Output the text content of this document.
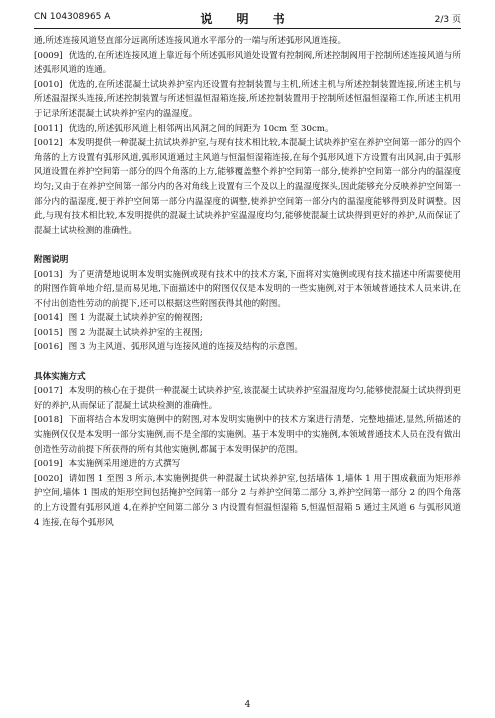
CN 104308965 A	说 明 书	2/3 页

通,所述连接风道竖直部分远离所述连接风道水平部分的一端与所述弧形风道连接。

[0009] 优选的,在所述连接风道上靠近每个所述弧形风道处设置有控制阀,所述控制阀用于控制所述连接风道与所述弧形风道的连通。

[0010] 优选的,在所述混凝土试块养护室内还设置有控制装置与主机,所述主机与所述控制装置连接,所述主机与所述温湿探头连接,所述控制装置与所述恒温恒湿箱连接,所述控制装置用于控制所述恒温恒湿箱工作,所述主机用于记录所述混凝土试块养护室内的温湿度。

[0011] 优选的,所述弧形风道上相邻两出风洞之间的间距为 10cm 至 30cm。

[0012] 本发明提供一种混凝土抗试块养护室,与现有技术相比较,本混凝土试块养护室在养护空间第一部分的四个角落的上方设置有弧形风道,弧形风道通过主风道与恒温恒湿箱连接,在每个弧形风道下方设置有出风洞,由于弧形风道设置在养护空间第一部分的四个角落的上方,能够覆盖整个养护空间第一部分,使养护空间第一部分内的温湿度均匀;又由于在养护空间第一部分内的各对角线上设置有三个及以上的温湿度探头,因此能够充分反映养护空间第一部分内的温湿度,便于养护空间第一部分内温湿度的调整,使养护空间第一部分内的温湿度能够得到及时调整。因此,与现有技术相比较,本发明提供的混凝土试块养护室温湿度均匀,能够使混凝土试块得到更好的养护,从而保证了混凝土试块检测的准确性。

附图说明

[0013] 为了更清楚地说明本发明实施例或现有技术中的技术方案,下面将对实施例或现有技术描述中所需要使用的附图作简单地介绍,显而易见地,下面描述中的附图仅仅是本发明的一些实施例,对于本领域普通技术人员来讲,在不付出创造性劳动的前提下,还可以根据这些附图获得其他的附图。

[0014] 图 1 为混凝土试块养护室的俯视图;

[0015] 图 2 为混凝土试块养护室的主视图;

[0016] 图 3 为主风道、弧形风道与连接风道的连接及结构的示意图。

具体实施方式

[0017] 本发明的核心在于提供一种混凝土试块养护室,该混凝土试块养护室温湿度均匀,能够使混凝土试块得到更好的养护,从而保证了混凝土试块检测的准确性。

[0018] 下面将结合本发明实施例中的附图,对本发明实施例中的技术方案进行清楚、完整地描述,显然,所描述的实施例仅仅是本发明一部分实施例,而不是全部的实施例。基于本发明中的实施例,本领域普通技术人员在没有做出创造性劳动前提下所获得的所有其他实施例,都属于本发明保护的范围。

[0019] 本实施例采用递进的方式撰写

[0020] 请如图 1 至图 3 所示,本实施例提供一种混凝土试块养护室,包括墙体 1,墙体 1 用于围成截面为矩形养护空间,墙体 1 围成的矩形空间包括掩护空间第一部分 2 与养护空间第二部分 3,养护空间第一部分 2 的四个角落的上方设置有弧形风道 4,在养护空间第二部分 3 内设置有恒温恒湿箱 5,恒温恒湿箱 5 通过主风道 6 与弧形风道 4 连接,在每个弧形风

4
